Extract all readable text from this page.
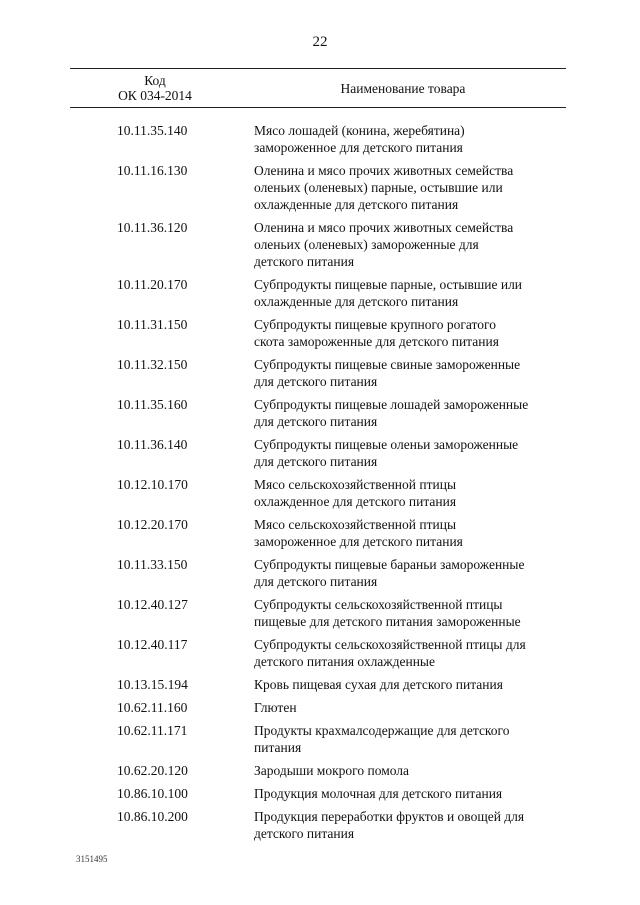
22
Код
ОК 034-2014	Наименование товара
10.11.35.140	Мясо лошадей (конина, жеребятина)
замороженное для детского питания
10.11.16.130	Оленина и мясо прочих животных семейства
оленьих (оленевых) парные, остывшие или
охлажденные для детского питания
10.11.36.120	Оленина и мясо прочих животных семейства
оленьих (оленевых) замороженные для
детского питания
10.11.20.170	Субпродукты пищевые парные, остывшие или
охлажденные для детского питания
10.11.31.150	Субпродукты пищевые крупного рогатого
скота замороженные для детского питания
10.11.32.150	Субпродукты пищевые свиные замороженные
для детского питания
10.11.35.160	Субпродукты пищевые лошадей замороженные
для детского питания
10.11.36.140	Субпродукты пищевые оленьи замороженные
для детского питания
10.12.10.170	Мясо сельскохозяйственной птицы
охлажденное для детского питания
10.12.20.170	Мясо сельскохозяйственной птицы
замороженное для детского питания
10.11.33.150	Субпродукты пищевые бараньи замороженные
для детского питания
10.12.40.127	Субпродукты сельскохозяйственной птицы
пищевые для детского питания замороженные
10.12.40.117	Субпродукты сельскохозяйственной птицы для
детского питания охлажденные
10.13.15.194	Кровь пищевая сухая для детского питания
10.62.11.160	Глютен
10.62.11.171	Продукты крахмалсодержащие для детского
питания
10.62.20.120	Зародыши мокрого помола
10.86.10.100	Продукция молочная для детского питания
10.86.10.200	Продукция переработки фруктов и овощей для
детского питания
3151495
